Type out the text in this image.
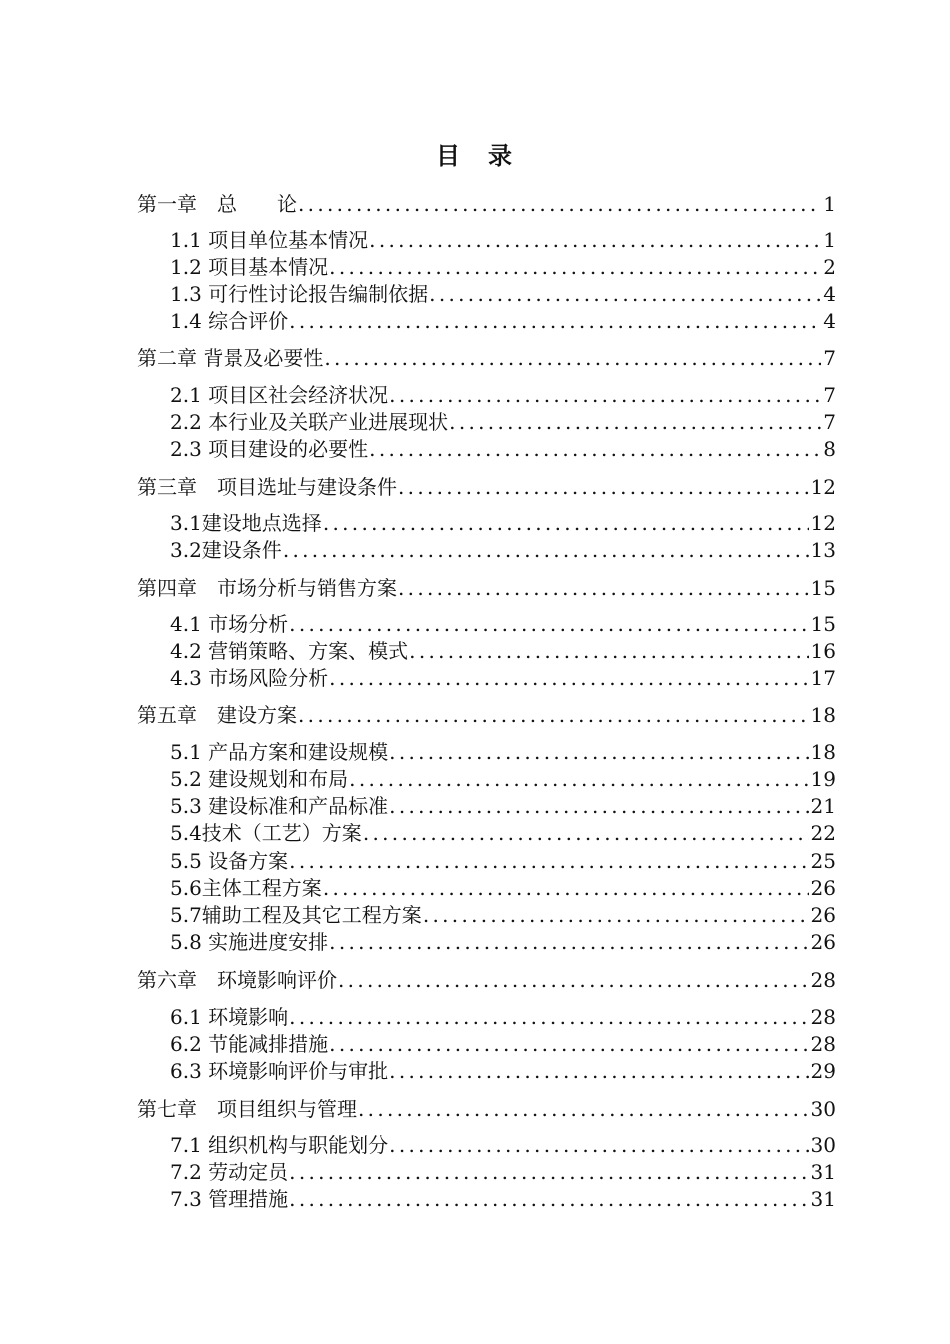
目　录
第一章　总　　论 .....	1
1.1 项目单位基本情况 .....	1
1.2 项目基本情况 .....	2
1.3 可行性讨论报告编制依据 .....	4
1.4 综合评价 .....	4
第二章 背景及必要性 .....	7
2.1 项目区社会经济状况 .....	7
2.2 本行业及关联产业进展现状 .....	7
2.3 项目建设的必要性 .....	8
第三章　项目选址与建设条件 .....	12
3.1建设地点选择 .....	12
3.2建设条件 .....	13
第四章　市场分析与销售方案 .....	15
4.1 市场分析 .....	15
4.2 营销策略、方案、模式 .....	16
4.3 市场风险分析 .....	17
第五章　建设方案 .....	18
5.1 产品方案和建设规模 .....	18
5.2 建设规划和布局 .....	19
5.3 建设标准和产品标准 .....	21
5.4技术（工艺）方案 .....	22
5.5 设备方案 .....	25
5.6主体工程方案 .....	26
5.7辅助工程及其它工程方案 .....	26
5.8 实施进度安排 .....	26
第六章　环境影响评价 .....	28
6.1 环境影响 .....	28
6.2 节能减排措施 .....	28
6.3 环境影响评价与审批 .....	29
第七章　项目组织与管理 .....	30
7.1 组织机构与职能划分 .....	30
7.2 劳动定员 .....	31
7.3 管理措施 .....	31
